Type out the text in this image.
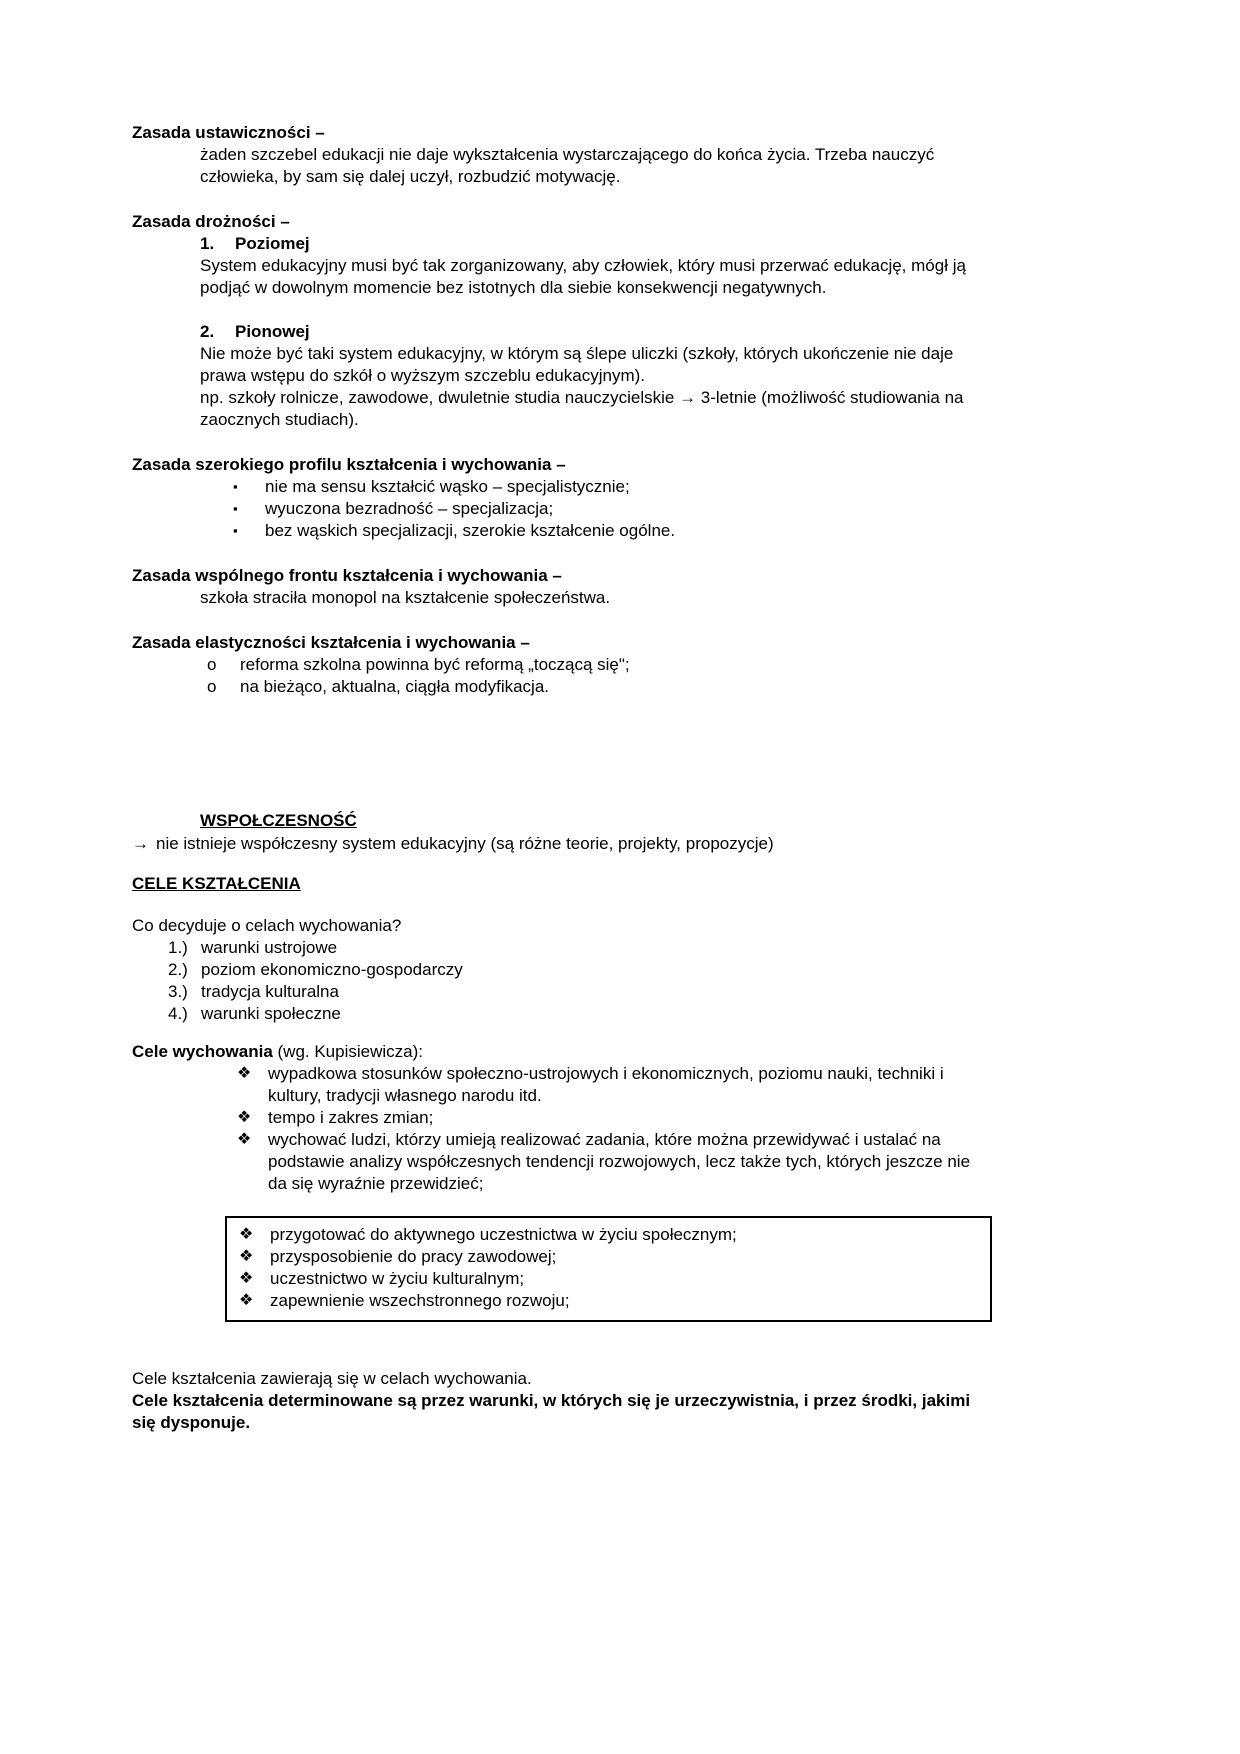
Zasada ustawiczności –
żaden szczebel edukacji nie daje wykształcenia wystarczającego do końca życia. Trzeba nauczyć człowieka, by sam się dalej uczył, rozbudzić motywację.
Zasada drożności –
1.	Poziomej
System edukacyjny musi być tak zorganizowany, aby człowiek, który musi przerwać edukację, mógł ją podjąć w dowolnym momencie bez istotnych dla siebie konsekwencji negatywnych.
2.	Pionowej
Nie może być taki system edukacyjny, w którym są ślepe uliczki (szkoły, których ukończenie nie daje prawa wstępu do szkół o wyższym szczeblu edukacyjnym).
np. szkoły rolnicze, zawodowe, dwuletnie studia nauczycielskie → 3-letnie (możliwość studiowania na zaocznych studiach).
Zasada szerokiego profilu kształcenia i wychowania –
▪	nie ma sensu kształcić wąsko – specjalistycznie;
▪	wyuczona bezradność – specjalizacja;
▪	bez wąskich specjalizacji, szerokie kształcenie ogólne.
Zasada wspólnego frontu kształcenia i wychowania –
szkoła straciła monopol na kształcenie społeczeństwa.
Zasada elastyczności kształcenia i wychowania –
o	reforma szkolna powinna być reformą „toczącą się";
o	na bieżąco, aktualna, ciągła modyfikacja.
WSPOŁCZESNOŚĆ
→ nie istnieje współczesny system edukacyjny (są różne teorie, projekty, propozycje)
CELE KSZTAŁCENIA
Co decyduje o celach wychowania?
1.) warunki ustrojowe
2.) poziom ekonomiczno-gospodarczy
3.) tradycja kulturalna
4.) warunki społeczne
Cele wychowania (wg. Kupisiewicza):
❖ wypadkowa stosunków społeczno-ustrojowych i ekonomicznych, poziomu nauki, techniki i kultury, tradycji własnego narodu itd.
❖ tempo i zakres zmian;
❖ wychować ludzi, którzy umieją realizować zadania, które można przewidywać i ustalać na podstawie analizy współczesnych tendencji rozwojowych, lecz także tych, których jeszcze nie da się wyraźnie przewidzieć;
❖ przygotować do aktywnego uczestnictwa w życiu społecznym;
❖ przysposobienie do pracy zawodowej;
❖ uczestnictwo w życiu kulturalnym;
❖ zapewnienie wszechstronnego rozwoju;
Cele kształcenia zawierają się w celach wychowania.
Cele kształcenia determinowane są przez warunki, w których się je urzeczywistnia, i przez środki, jakimi się dysponuje.
